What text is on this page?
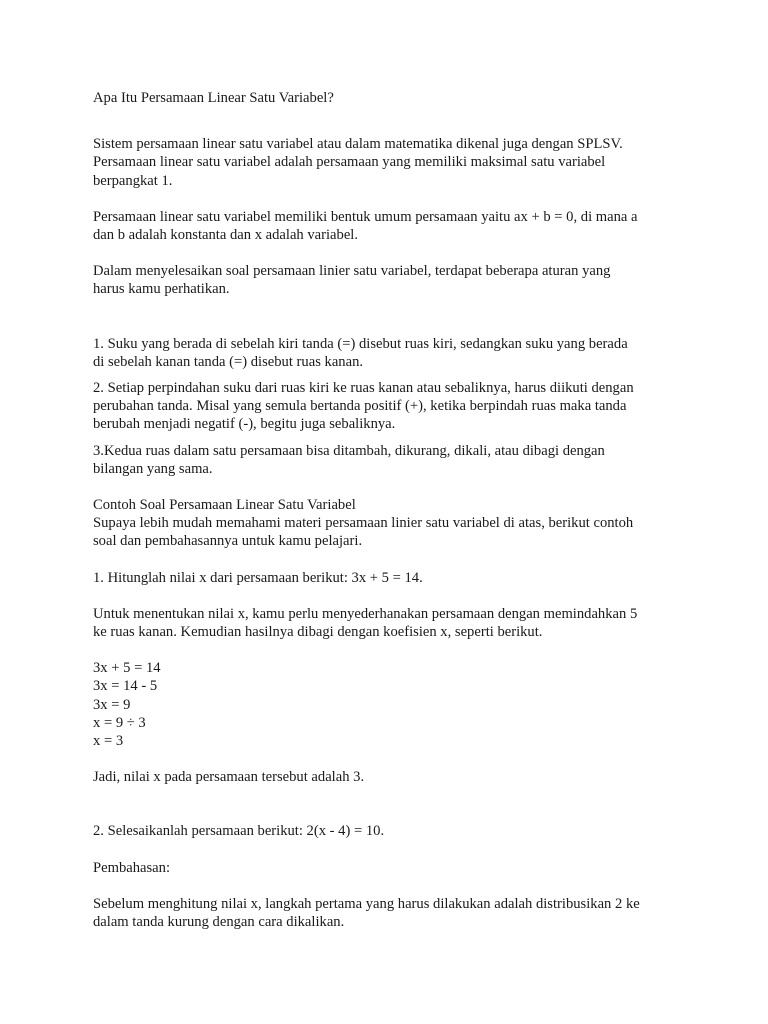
Apa Itu Persamaan Linear Satu Variabel?

Sistem persamaan linear satu variabel atau dalam matematika dikenal juga dengan SPLSV.

Persamaan linear satu variabel adalah persamaan yang memiliki maksimal satu variabel

berpangkat 1.

Persamaan linear satu variabel memiliki bentuk umum persamaan yaitu ax + b = 0, di mana a

dan b adalah konstanta dan x adalah variabel.

Dalam menyelesaikan soal persamaan linier satu variabel, terdapat beberapa aturan yang

harus kamu perhatikan.

1. Suku yang berada di sebelah kiri tanda (=) disebut ruas kiri, sedangkan suku yang berada

di sebelah kanan tanda (=) disebut ruas kanan.

2. Setiap perpindahan suku dari ruas kiri ke ruas kanan atau sebaliknya, harus diikuti dengan

perubahan tanda. Misal yang semula bertanda positif (+), ketika berpindah ruas maka tanda

berubah menjadi negatif (-), begitu juga sebaliknya.

3.Kedua ruas dalam satu persamaan bisa ditambah, dikurang, dikali, atau dibagi dengan

bilangan yang sama.

Contoh Soal Persamaan Linear Satu Variabel

Supaya lebih mudah memahami materi persamaan linier satu variabel di atas, berikut contoh

soal dan pembahasannya untuk kamu pelajari.

1. Hitunglah nilai x dari persamaan berikut: 3x + 5 = 14.

Untuk menentukan nilai x, kamu perlu menyederhanakan persamaan dengan memindahkan 5

ke ruas kanan. Kemudian hasilnya dibagi dengan koefisien x, seperti berikut.

3x + 5 = 14

3x = 14 - 5

3x = 9

x = 9 ÷ 3

x = 3

Jadi, nilai x pada persamaan tersebut adalah 3.

2. Selesaikanlah persamaan berikut: 2(x - 4) = 10.

Pembahasan:

Sebelum menghitung nilai x, langkah pertama yang harus dilakukan adalah distribusikan 2 ke

dalam tanda kurung dengan cara dikalikan.
